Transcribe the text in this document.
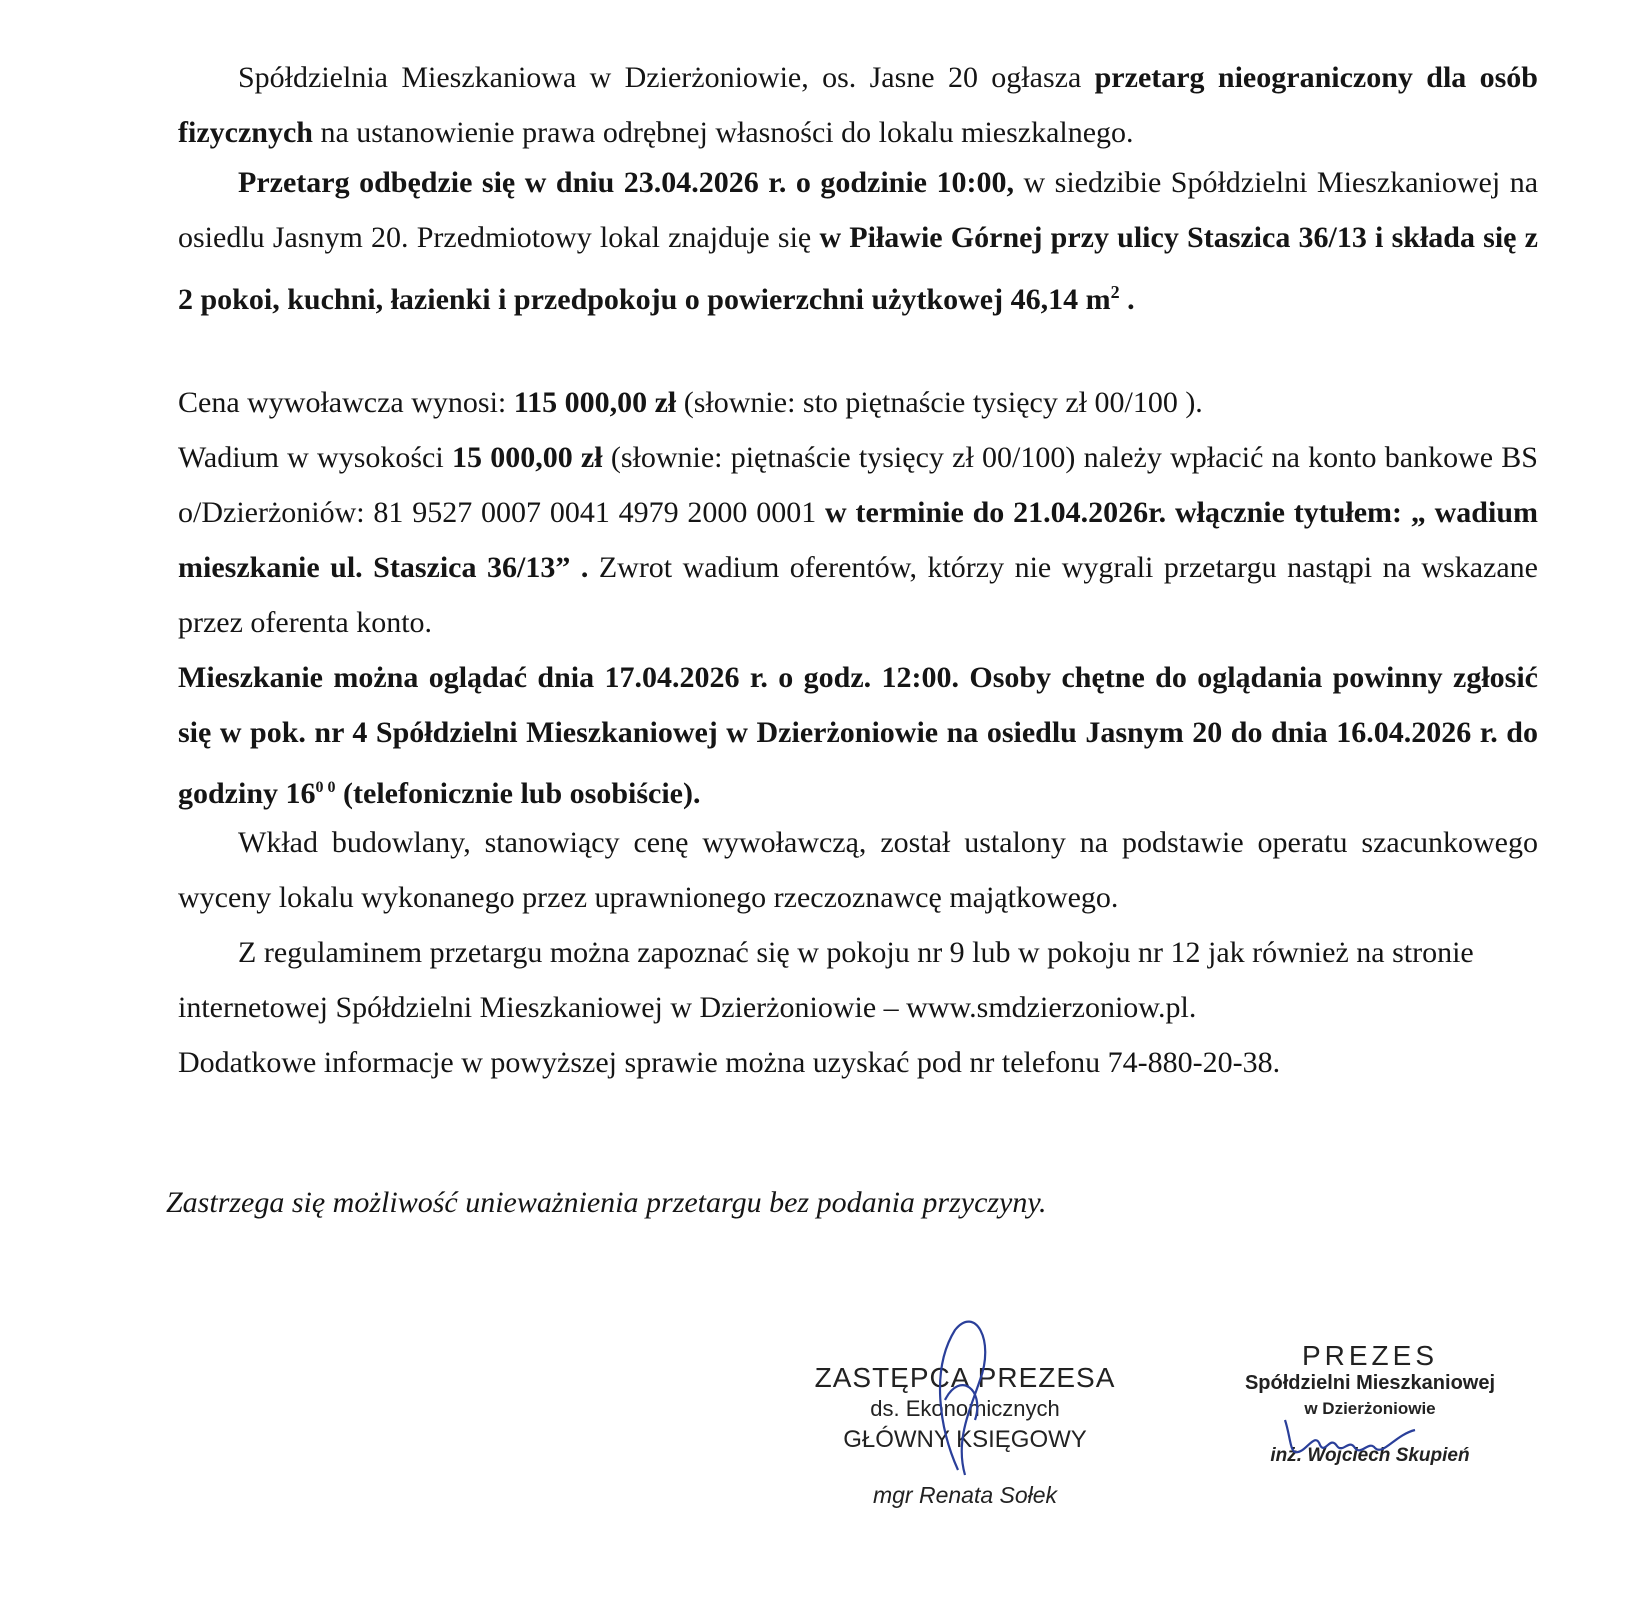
Spółdzielnia Mieszkaniowa w Dzierżoniowie, os. Jasne 20 ogłasza przetarg nieograniczony dla osób fizycznych na ustanowienie prawa odrębnej własności do lokalu mieszkalnego.

Przetarg odbędzie się w dniu 23.04.2026 r. o godzinie 10:00, w siedzibie Spółdzielni Mieszkaniowej na osiedlu Jasnym 20. Przedmiotowy lokal znajduje się w Piławie Górnej przy ulicy Staszica 36/13 i składa się z 2 pokoi, kuchni, łazienki i przedpokoju o powierzchni użytkowej 46,14 $m^2$ .

Cena wywoławcza wynosi: 115 000,00 zł (słownie: sto piętnaście tysięcy zł 00/100 ).

Wadium w wysokości 15 000,00 zł (słownie: piętnaście tysięcy zł 00/100) należy wpłacić na konto bankowe BS o/Dzierżoniów: 81 9527 0007 0041 4979 2000 0001 w terminie do 21.04.2026r. włącznie tytułem: „ wadium mieszkanie ul. Staszica 36/13” . Zwrot wadium oferentów, którzy nie wygrali przetargu nastąpi na wskazane przez oferenta konto.

Mieszkanie można oglądać dnia 17.04.2026 r. o godz. 12:00. Osoby chętne do oglądania powinny zgłosić się w pok. nr 4 Spółdzielni Mieszkaniowej w Dzierżoniowie na osiedlu Jasnym 20 do dnia 16.04.2026 r. do godziny $16^{0 0}$ (telefonicznie lub osobiście).

Wkład budowlany, stanowiący cenę wywoławczą, został ustalony na podstawie operatu szacunkowego wyceny lokalu wykonanego przez uprawnionego rzeczoznawcę majątkowego.

Z regulaminem przetargu można zapoznać się w pokoju nr 9 lub w pokoju nr 12 jak również na stronie internetowej Spółdzielni Mieszkaniowej w Dzierżoniowie – www.smdzierzoniow.pl.

Dodatkowe informacje w powyższej sprawie można uzyskać pod nr telefonu 74-880-20-38.

Zastrzega się możliwość unieważnienia przetargu bez podania przyczyny.

ZASTĘPCA PREZESA
ds. Ekonomicznych
GŁÓWNY KSIĘGOWY
mgr Renata Sołek
PREZES
Spółdzielni Mieszkaniowej
w Dzierżoniowie
inż. Wojciech Skupień
